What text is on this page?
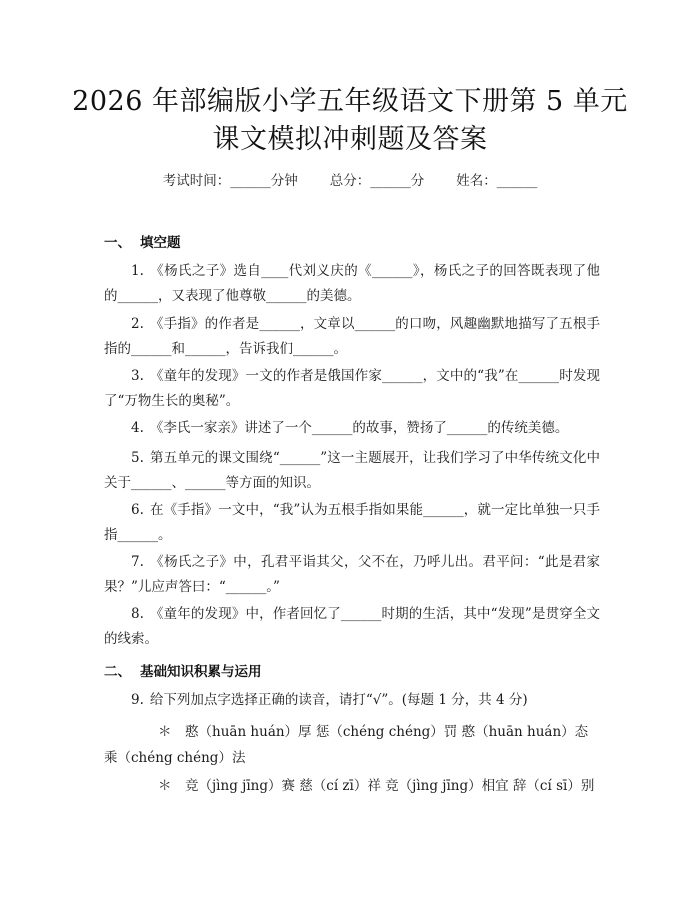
2026 年部编版小学五年级语文下册第 5 单元
课文模拟冲刺题及答案
考试时间：______分钟 总分：______分 姓名：______
一、 填空题
1. 《杨氏之子》选自____代刘义庆的《______》，杨氏之子的回答既表现了他的______，又表现了他尊敬______的美德。
2. 《手指》的作者是______，文章以______的口吻，风趣幽默地描写了五根手指的______和______，告诉我们______。
3. 《童年的发现》一文的作者是俄国作家______，文中的“我”在______时发现了“万物生长的奥秘”。
4. 《李氏一家亲》讲述了一个______的故事，赞扬了______的传统美德。
5. 第五单元的课文围绕“______”这一主题展开，让我们学习了中华传统文化中关于______、______等方面的知识。
6. 在《手指》一文中，“我”认为五根手指如果能______，就一定比单独一只手指______。
7. 《杨氏之子》中，孔君平诣其父，父不在，乃呼儿出。君平问：“此是君家果？”儿应声答曰：“______。”
8. 《童年的发现》中，作者回忆了______时期的生活，其中“发现”是贯穿全文的线索。
二、 基础知识积累与运用
9. 给下列加点字选择正确的读音，请打“√”。(每题 1 分，共 4 分)
＊　憨（huān huán）厚 惩（chéng chéng）罚 憨（huān huán）态 乘（chéng chéng）法
＊　竞（jìng jīng）赛 慈（cí zī）祥 竞（jìng jīng）相宜 辞（cí sī）别
